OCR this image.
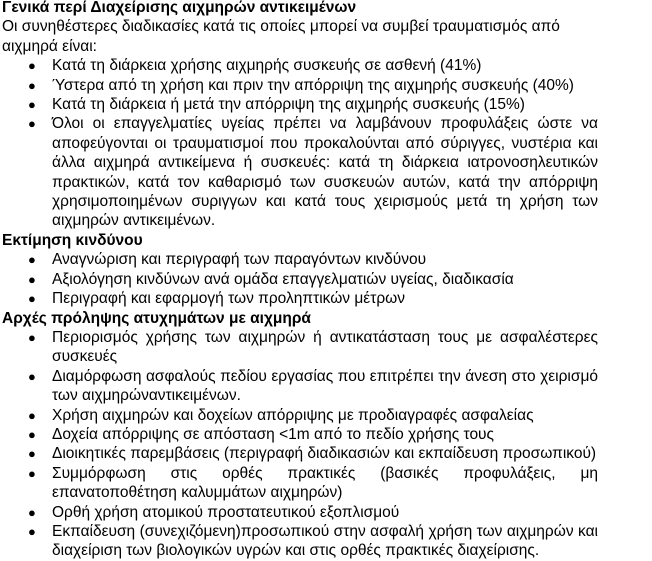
Γενικά περί Διαχείρισης αιχμηρών αντικειμένων
Οι συνηθέστερες διαδικασίες κατά τις οποίες μπορεί να συμβεί τραυματισμός από αιχμηρά είναι:
● Κατά τη διάρκεια χρήσης αιχμηρής συσκευής σε ασθενή (41%)
● Ύστερα από τη χρήση και πριν την απόρριψη της αιχμηρής συσκευής (40%)
● Κατά τη διάρκεια ή μετά την απόρριψη της αιχμηρής συσκευής (15%)
● Όλοι οι επαγγελματίες υγείας πρέπει να λαμβάνουν προφυλάξεις ώστε να αποφεύγονται οι τραυματισμοί που προκαλούνται από σύριγγες, νυστέρια και άλλα αιχμηρά αντικείμενα ή συσκευές: κατά τη διάρκεια ιατρονοσηλευτικών πρακτικών, κατά τον καθαρισμό των συσκευών αυτών, κατά την απόρριψη χρησιμοποιημένων συριγγων και κατά τους χειρισμούς μετά τη χρήση των αιχμηρών αντικειμένων.
Εκτίμηση κινδύνου
● Αναγνώριση και περιγραφή των παραγόντων κινδύνου
● Αξιολόγηση κινδύνων ανά ομάδα επαγγελματιών υγείας, διαδικασία
● Περιγραφή και εφαρμογή των προληπτικών μέτρων
Αρχές πρόληψης ατυχημάτων με αιχμηρά
● Περιορισμός χρήσης των αιχμηρών ή αντικατάσταση τους με ασφαλέστερες συσκευές
● Διαμόρφωση ασφαλούς πεδίου εργασίας που επιτρέπει την άνεση στο χειρισμό των αιχμηρώναντικειμένων.
● Χρήση αιχμηρών και δοχείων απόρριψης με προδιαγραφές ασφαλείας
● Δοχεία απόρριψης σε απόσταση <1m από το πεδίο χρήσης τους
● Διοικητικές παρεμβάσεις (περιγραφή διαδικασιών και εκπαίδευση προσωπικού)
● Συμμόρφωση στις ορθές πρακτικές (βασικές προφυλάξεις, μη επανατοποθέτηση καλυμμάτων αιχμηρών)
● Ορθή χρήση ατομικού προστατευτικού εξοπλισμού
● Εκπαίδευση (συνεχιζόμενη)προσωπικού στην ασφαλή χρήση των αιχμηρών και διαχείριση των βιολογικών υγρών και στις ορθές πρακτικές διαχείρισης.
